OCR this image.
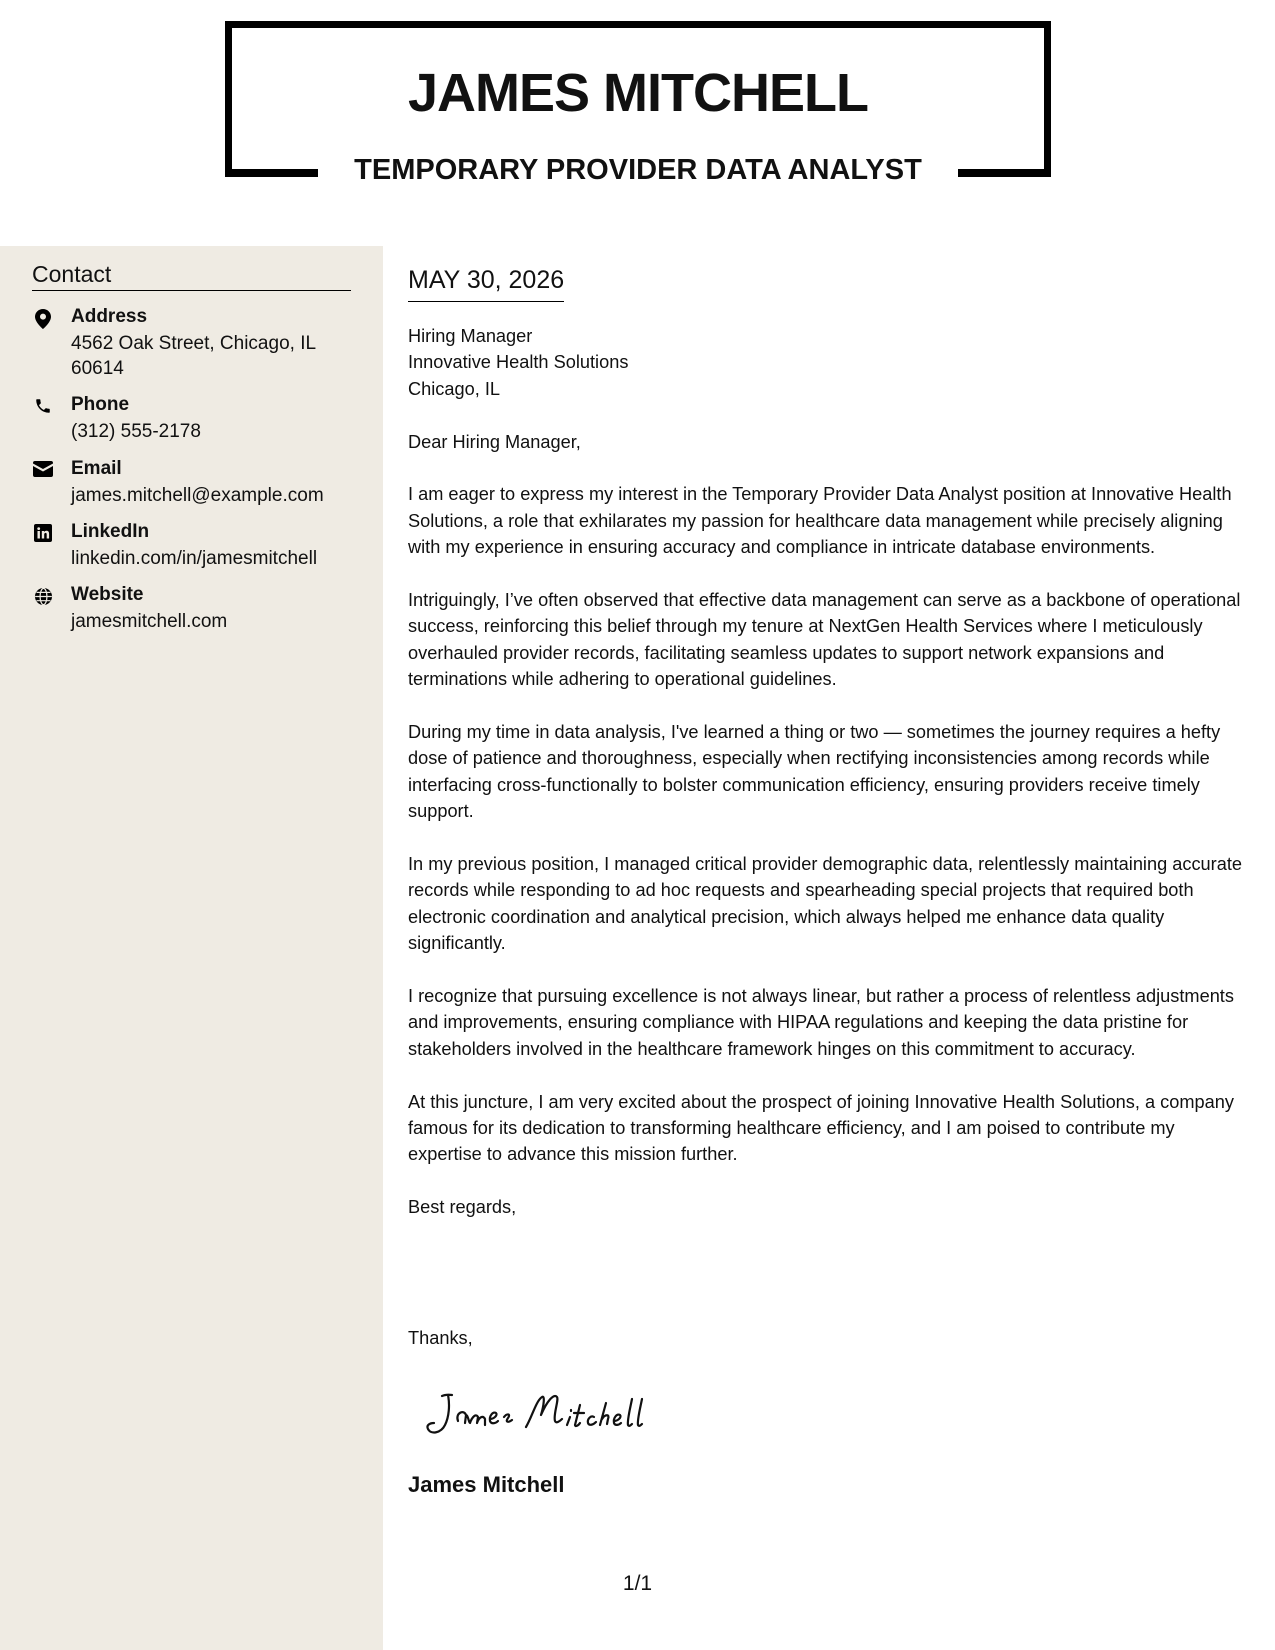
JAMES MITCHELL
TEMPORARY PROVIDER DATA ANALYST
Contact
Address
4562 Oak Street, Chicago, IL 60614
Phone
(312) 555-2178
Email
james.mitchell@example.com
LinkedIn
linkedin.com/in/jamesmitchell
Website
jamesmitchell.com
MAY 30, 2026

Hiring Manager

Innovative Health Solutions

Chicago, IL

Dear Hiring Manager,

I am eager to express my interest in the Temporary Provider Data Analyst position at Innovative Health Solutions, a role that exhilarates my passion for healthcare data management while precisely aligning with my experience in ensuring accuracy and compliance in intricate database environments.

Intriguingly, I’ve often observed that effective data management can serve as a backbone of operational success, reinforcing this belief through my tenure at NextGen Health Services where I meticulously overhauled provider records, facilitating seamless updates to support network expansions and terminations while adhering to operational guidelines.

During my time in data analysis, I've learned a thing or two — sometimes the journey requires a hefty dose of patience and thoroughness, especially when rectifying inconsistencies among records while interfacing cross-functionally to bolster communication efficiency, ensuring providers receive timely support.

In my previous position, I managed critical provider demographic data, relentlessly maintaining accurate records while responding to ad hoc requests and spearheading special projects that required both electronic coordination and analytical precision, which always helped me enhance data quality significantly.

I recognize that pursuing excellence is not always linear, but rather a process of relentless adjustments and improvements, ensuring compliance with HIPAA regulations and keeping the data pristine for stakeholders involved in the healthcare framework hinges on this commitment to accuracy.

At this juncture, I am very excited about the prospect of joining Innovative Health Solutions, a company famous for its dedication to transforming healthcare efficiency, and I am poised to contribute my expertise to advance this mission further.

Best regards,

Thanks,
James Mitchell
1/1
